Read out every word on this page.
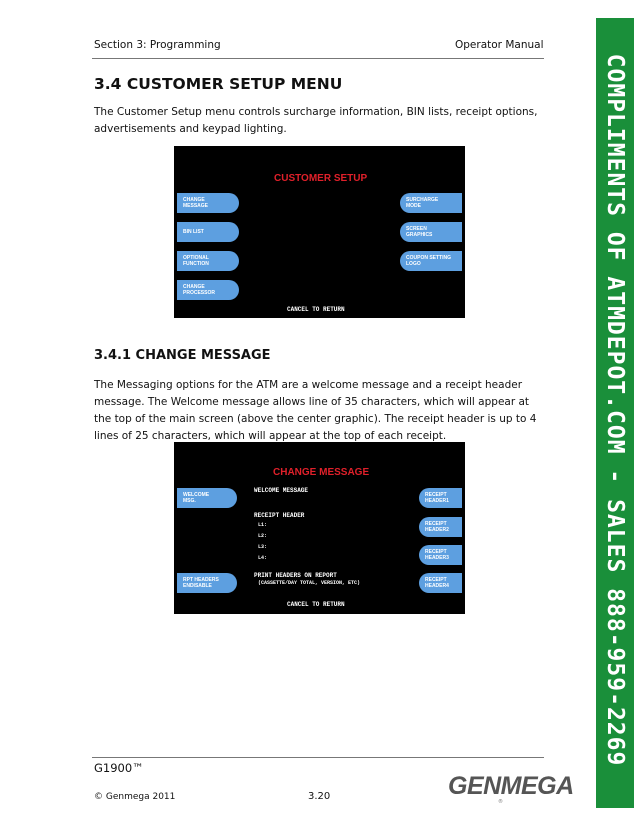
Section 3: Programming	Operator Manual
3.4 CUSTOMER SETUP MENU
The Customer Setup menu controls surcharge information, BIN lists, receipt options, advertisements and keypad lighting.
CUSTOMER SETUP
CHANGE
MESSAGE
BIN LIST
OPTIONAL
FUNCTION
CHANGE
PROCESSOR
SURCHARGE
MODE
SCREEN
GRAPHICS
COUPON SETTING
LOGO
CANCEL TO RETURN
3.4.1 CHANGE MESSAGE
The Messaging options for the ATM are a welcome message and a receipt header message. The Welcome message allows line of 35 characters, which will appear at the top of the main screen (above the center graphic). The receipt header is up to 4 lines of 25 characters, which will appear at the top of each receipt.
CHANGE MESSAGE
WELCOME MESSAGE
RECEIPT HEADER
L1:
L2:
L3:
L4:
PRINT HEADERS ON REPORT
(CASSETTE/DAY TOTAL, VERSION, ETC)
WELCOME
MSG.
RPT HEADERS
ENDISABLE
RECEIPT
HEADER1
RECEIPT
HEADER2
RECEIPT
HEADER3
RECEIPT
HEADER4
CANCEL TO RETURN
G1900™
© Genmega 2011	3.20	GENMEGA
®
COMPLIMENTS OF ATMDEPOT.COM - SALES 888-959-2269
